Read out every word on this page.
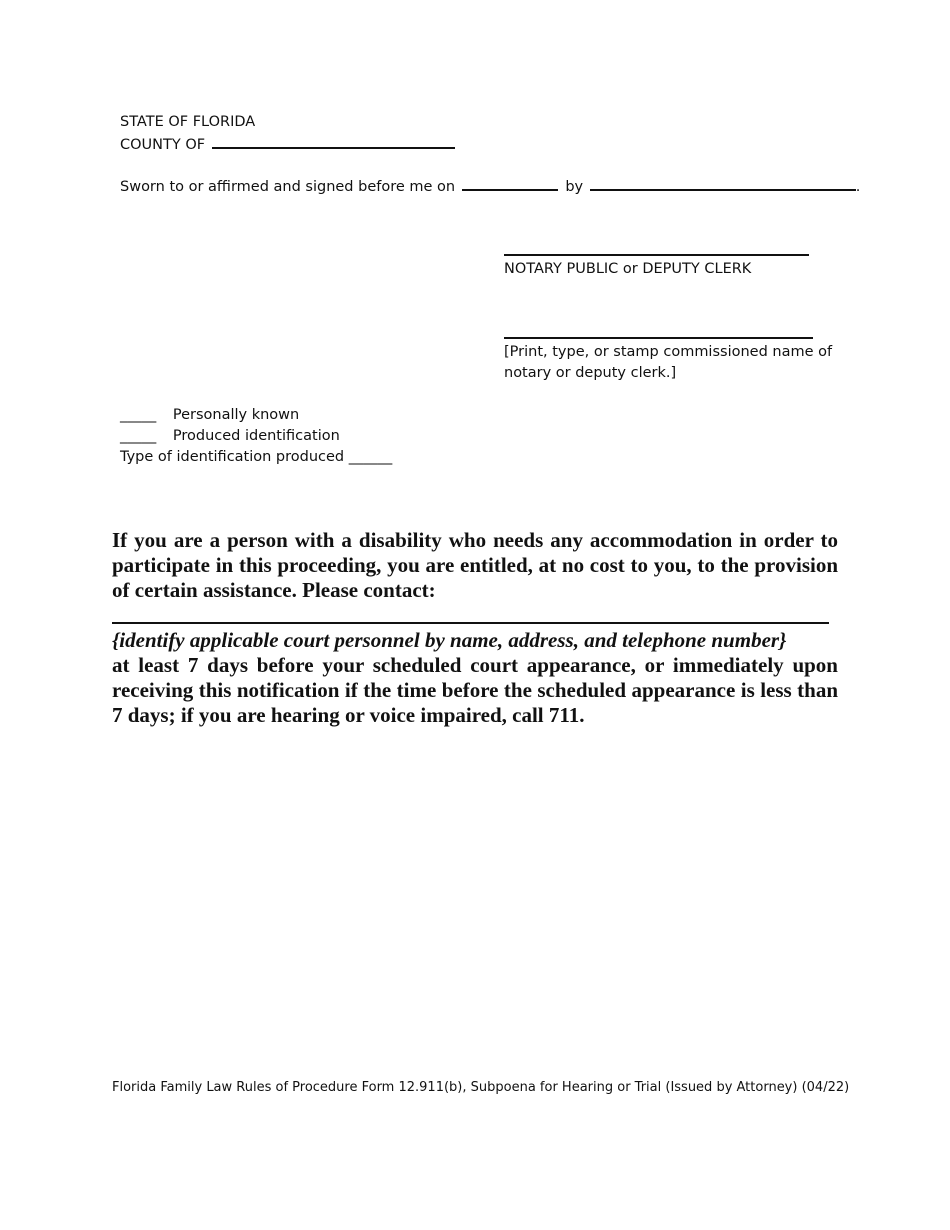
STATE OF FLORIDA
COUNTY OF
Sworn to or affirmed and signed before me on	by	.
NOTARY PUBLIC or DEPUTY CLERK
[Print, type, or stamp commissioned name of
notary or deputy clerk.]
_____ Personally known
_____ Produced identification
Type of identification produced ______

If you are a person with a disability who needs any accommodation in order to participate in this proceeding, you are entitled, at no cost to you, to the provision of certain assistance. Please contact:

{identify applicable court personnel by name, address, and telephone number}

at least 7 days before your scheduled court appearance, or immediately upon receiving this notification if the time before the scheduled appearance is less than 7 days; if you are hearing or voice impaired, call 711.

Florida Family Law Rules of Procedure Form 12.911(b), Subpoena for Hearing or Trial (Issued by Attorney) (04/22)
